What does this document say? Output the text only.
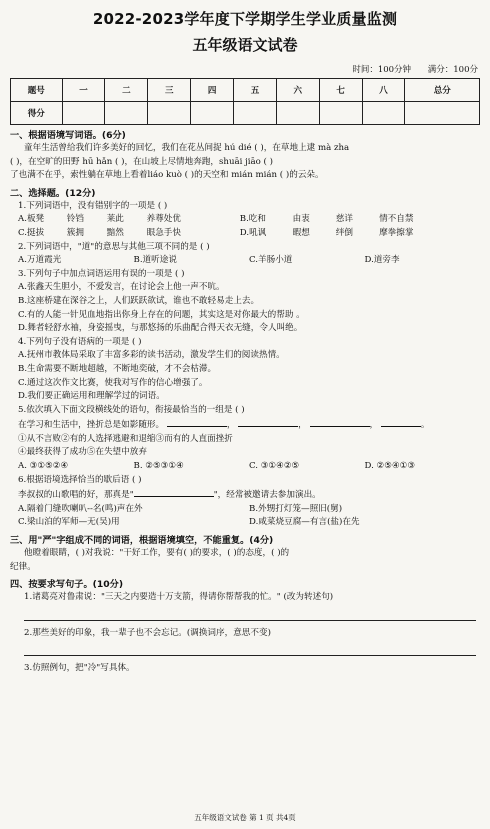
2022-2023学年度下学期学生学业质量监测
五年级语文试卷
时间：100分钟 满分：100分
题号	一	二	三	四	五	六	七	八	总分
得分									
一、根据语境写词语。(6分)
童年生活曾给我们许多美好的回忆，我们在花丛间捉 hú dié ( )，在草地上逮 mà zha
( )，在空旷的田野 hū hǎn ( )，在山坡上尽情地奔跑，shuāi jiāo ( )
了也满不在乎，索性躺在草地上看着liáo kuò ( )的天空和 mián mián ( )的云朵。
二、选择题。(12分)
1.下列词语中，没有错别字的一项是 ( )
A.板凳	铃铛	莱此	养尊处优	B.吃和	由衷	慈详	情不自禁
C.挺拔	簇拥	黯然	眼急手快	D.吼讽	暇想	绊倒	摩拳擦掌
2.下列词语中，"道"的意思与其他三项不同的是 ( )
A.万道霞光	B.道听途说	C.羊肠小道	D.道旁李
3.下列句子中加点词语运用有误的一项是 ( )
A.张鑫天生胆小，不爱发言，在讨论会上他一声不吭。
B.这座桥建在深谷之上，人们跃跃欲试，谁也不敢轻易走上去。
C.有的人能一针见血地指出你身上存在的问题，其实这是对你最大的帮助 。
D.舞者轻舒水袖，身姿摇曳，与那悠扬的乐曲配合得天衣无缝，令人叫绝。
4.下列句子没有语病的一项是 ( )
A.抚州市教体局采取了丰富多彩的读书活动，激发学生们的阅读热情。
B.生命需要不断地超越，不断地奕破，才不会枯滞。
C.通过这次作文比赛，使我对写作的信心增强了。
D.我们要正确运用和理解学过的词语。
5.依次填入下面文段横线处的语句，衔接最恰当的一组是 ( )
在学习和生活中，挫折总是如影随形。	，	，	，	。
①从不言败②有的人选择逃避和退缩③而有的人直面挫折
④最终获得了成功⑤在失望中放弃
A. ③①⑤②④	B. ②⑤③①④	C. ③①④②⑤	D. ②⑤④①③
6.根据语境选择恰当的歇后语 ( )
李叔叔的山歌唱的好，那真是"	"，经常被邀请去参加演出。
A.隔着门缝吹喇叭--名(鸣)声在外	B.外甥打灯笼—照旧(舅)
C.梁山泊的军师—无(吴)用	D.咸菜烧豆腐—有言(盐)在先
三、用"严"字组成不同的词语，根据语境填空，不能重复。(4分)
他瞪着眼睛，( )对我说："干好工作，要有( )的要求，( )的态度，( )的
纪律。
四、按要求写句子。(10分)
1.诸葛亮对鲁肃说："三天之内要造十万支箭，得请你帮帮我的忙。" (改为转述句)
2.那些美好的印象，我一辈子也不会忘记。(调换词序，意思不变)
3.仿照例句，把"冷"写具体。
五年级语文试卷 第 1 页 共4页
